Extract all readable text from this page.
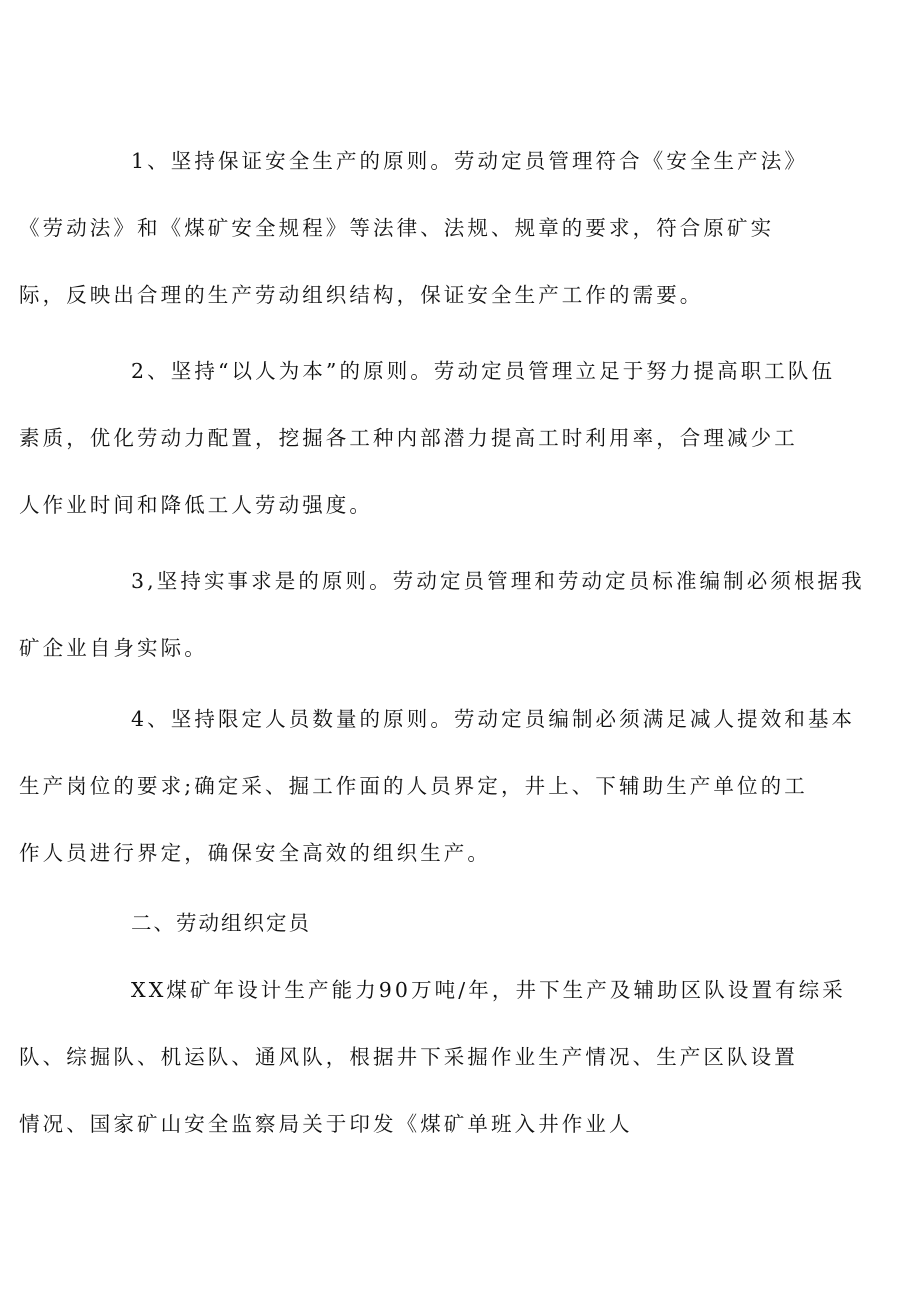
1、坚持保证安全生产的原则。劳动定员管理符合《安全生产法》
《劳动法》和《煤矿安全规程》等法律、法规、规章的要求，符合原矿实
际，反映出合理的生产劳动组织结构，保证安全生产工作的需要。
2、坚持“以人为本”的原则。劳动定员管理立足于努力提高职工队伍
素质，优化劳动力配置，挖掘各工种内部潜力提高工时利用率，合理减少工
人作业时间和降低工人劳动强度。
3,坚持实事求是的原则。劳动定员管理和劳动定员标准编制必须根据我
矿企业自身实际。
4、坚持限定人员数量的原则。劳动定员编制必须满足减人提效和基本
生产岗位的要求;确定采、掘工作面的人员界定，井上、下辅助生产单位的工
作人员进行界定，确保安全高效的组织生产。
二、劳动组织定员
XX煤矿年设计生产能力90万吨/年，井下生产及辅助区队设置有综采
队、综掘队、机运队、通风队，根据井下采掘作业生产情况、生产区队设置
情况、国家矿山安全监察局关于印发《煤矿单班入井作业人
